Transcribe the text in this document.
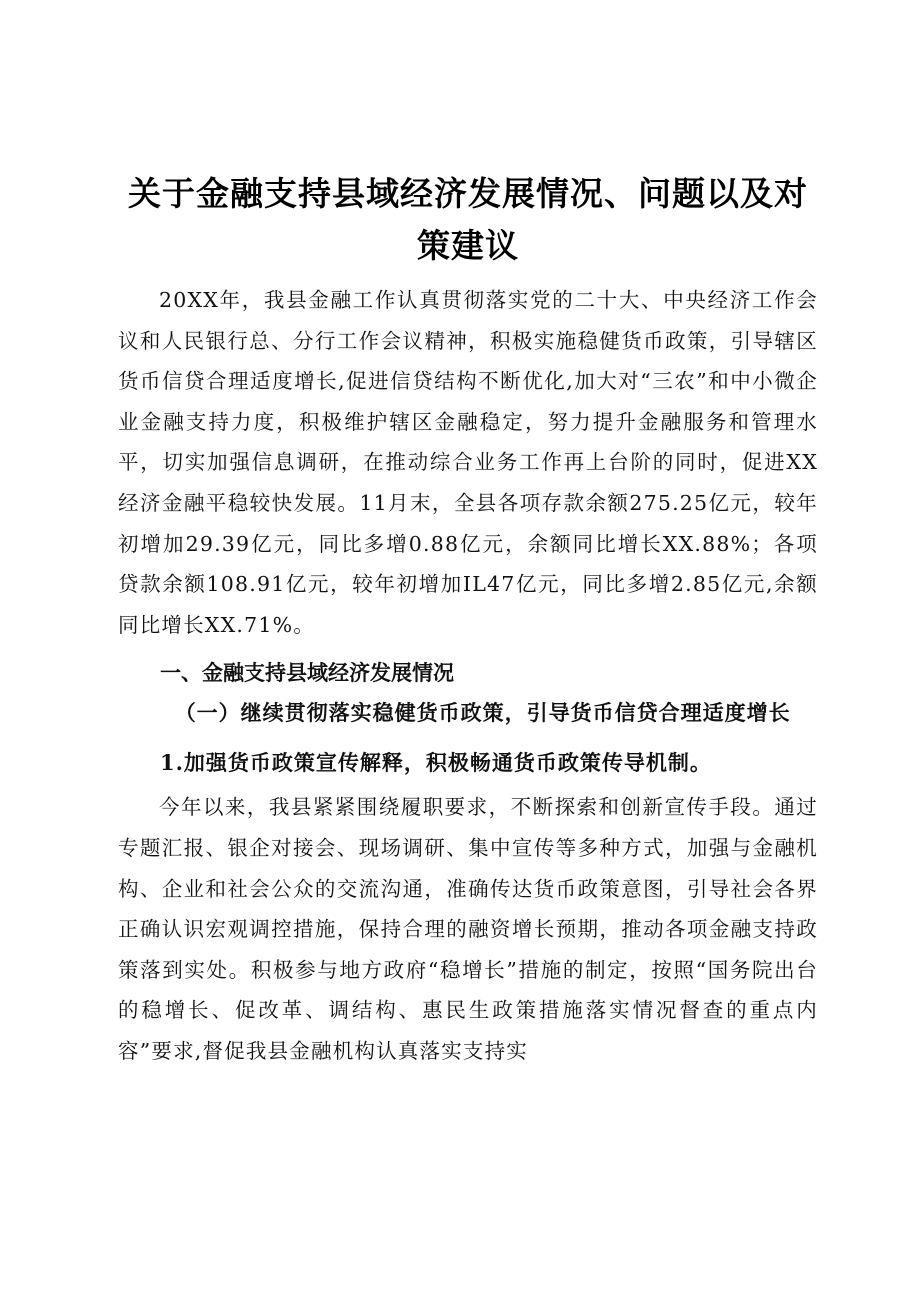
关于金融支持县域经济发展情况、问题以及对策建议

20XX年，我县金融工作认真贯彻落实党的二十大、中央经济工作会议和人民银行总、分行工作会议精神，积极实施稳健货币政策，引导辖区货币信贷合理适度增长,促进信贷结构不断优化,加大对“三农”和中小微企业金融支持力度，积极维护辖区金融稳定，努力提升金融服务和管理水平，切实加强信息调研，在推动综合业务工作再上台阶的同时，促进XX经济金融平稳较快发展。11月末，全县各项存款余额275.25亿元，较年初增加29.39亿元，同比多增0.88亿元，余额同比增长XX.88%；各项贷款余额108.91亿元，较年初增加IL47亿元，同比多增2.85亿元,余额同比增长XX.71%。

一、金融支持县域经济发展情况
（一）继续贯彻落实稳健货币政策，引导货币信贷合理适度增长
1.加强货币政策宣传解释，积极畅通货币政策传导机制。

今年以来，我县紧紧围绕履职要求，不断探索和创新宣传手段。通过专题汇报、银企对接会、现场调研、集中宣传等多种方式，加强与金融机构、企业和社会公众的交流沟通，准确传达货币政策意图，引导社会各界正确认识宏观调控措施，保持合理的融资增长预期，推动各项金融支持政策落到实处。积极参与地方政府“稳增长”措施的制定，按照“国务院出台的稳增长、促改革、调结构、惠民生政策措施落实情况督查的重点内容”要求,督促我县金融机构认真落实支持实
